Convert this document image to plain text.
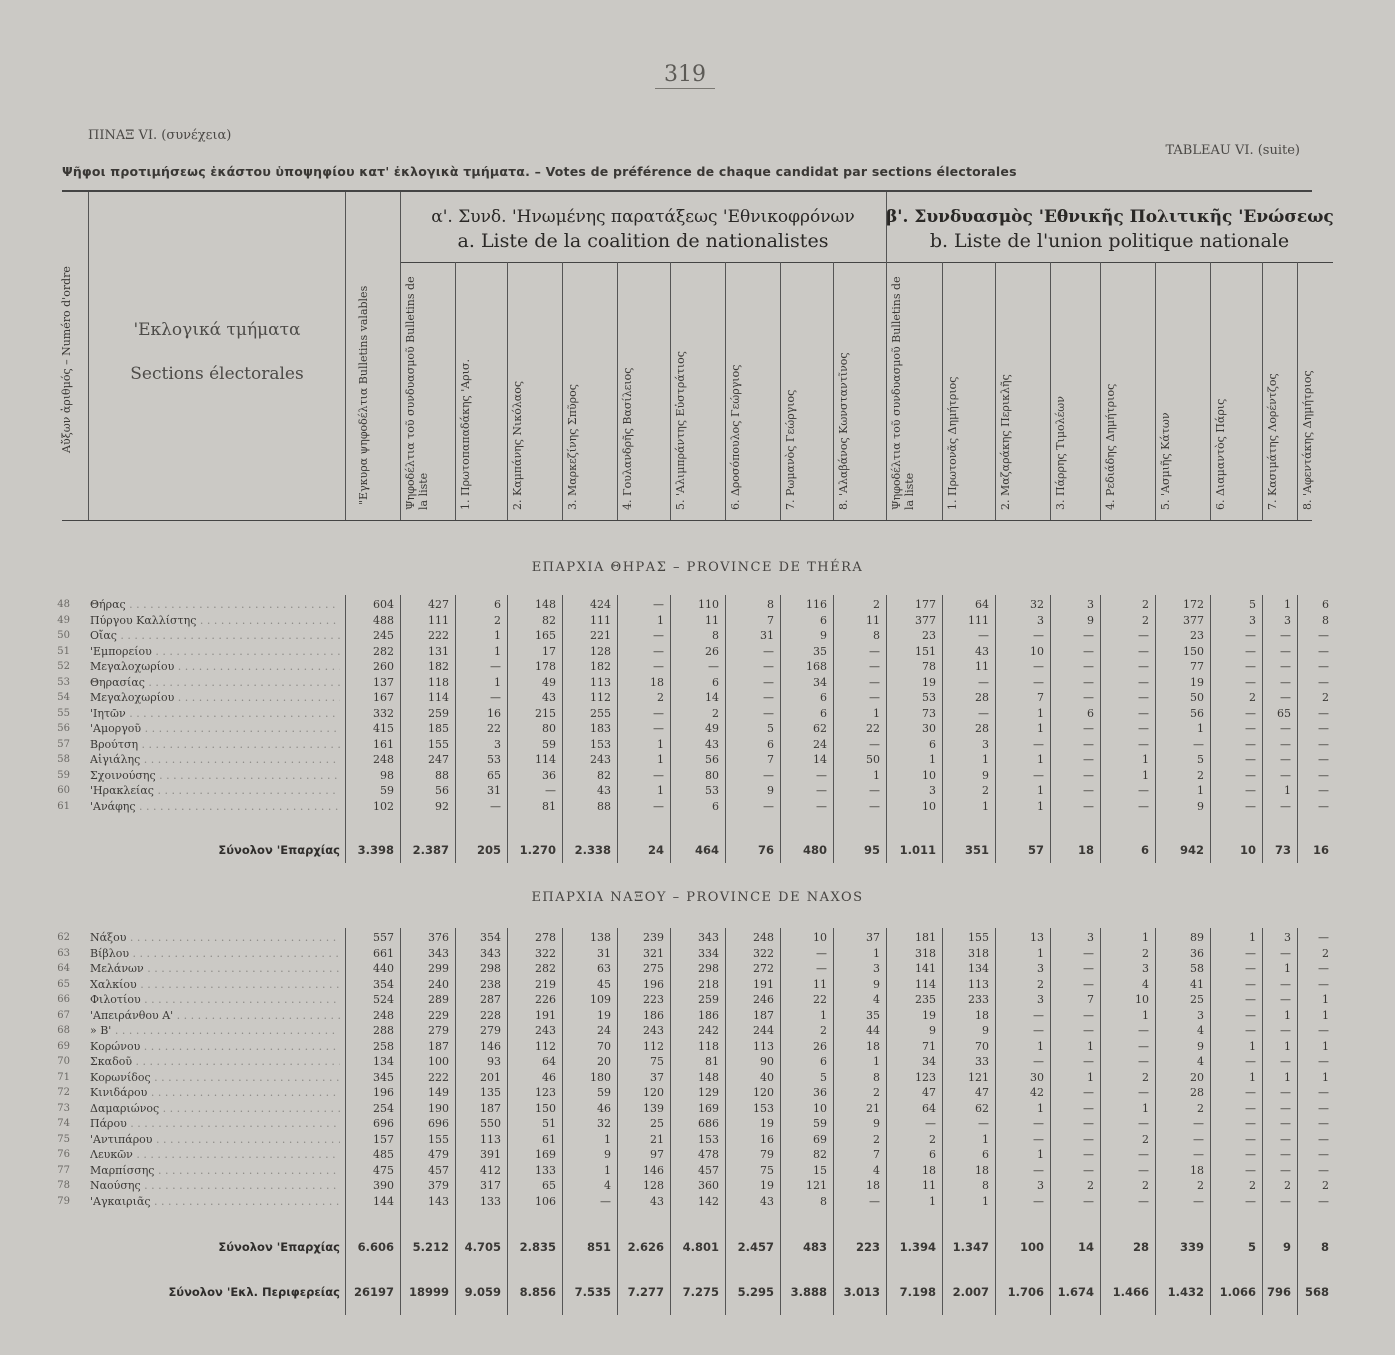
319
ΠΙΝΑΞ VI. (συνέχεια)
TABLEAU VI. (suite)
Ψῆφοι προτιμήσεως ἑκάστου ὑποψηφίου κατ' ἐκλογικὰ τμήματα. – Votes de préférence de chaque candidat par sections électorales
Αὔξων ἀριθμός – Numéro d'ordre	'Εκλογικά τμήματα
Sections électorales	"Εγκυρα ψηφοδέλτια Bulletins valables
α'. Συνδ. 'Ηνωμένης παρατάξεως 'Εθνικοφρόνων
a. Liste de la coalition de nationalistes
β'. Συνδυασμὸς 'Εθνικῆς Πολιτικῆς 'Ενώσεως
b. Liste de l'union politique nationale
Ψηφοδέλτια τοῦ συνδυασμοῦ Bulletins de la liste	1. Πρωτοπαπαδάκης 'Αρισ.	2. Καμπάνης Νικόλαος	3. Μαρκεζίνης Σπῦρος	4. Γουλανδρῆς Βασίλειος	5. 'Αλιμπράντης Εὐστράτιος	6. Δροσόπουλος Γεώργιος	7. Ρωμανὸς Γεώργιος	8. 'Αλαβάνος Κωνσταντῖνος	Ψηφοδέλτια τοῦ συνδυασμοῦ Bulletins de la liste	1. Πρωτονᾶς Δημήτριος	2. Μαζαράκης Περικλῆς	3. Πάρρης Τιμολέων	4. Ρεδιάδης Δημήτριος	5. 'Ασμιῆς Κάτων	6. Διαμαντὸς Πάρις	7. Κασιμάτης Λορέντζος	8. 'Αφεντάκης Δημήτριος
ΕΠΑΡΧΙΑ ΘΗΡΑΣ – PROVINCE DE THÉRA
ΕΠΑΡΧΙΑ ΝΑΞΟΥ – PROVINCE DE NAXOS
48 Θήρας . . .	604	427	6	148	424	—	110	8	116	2	177	64	32	3	2	172	5	1	6
49 Πύργου Καλλίστης . . .	488	111	2	82	111	1	11	7	6	11	377	111	3	9	2	377	3	3	8
50 Οἴας . . .	245	222	1	165	221	—	8	31	9	8	23	—	—	—	—	23	—	—	—
51 'Εμπορείου . . .	282	131	1	17	128	—	26	—	35	—	151	43	10	—	—	150	—	—	—
52 Μεγαλοχωρίου . . .	260	182	—	178	182	—	—	—	168	—	78	11	—	—	—	77	—	—	—
53 Θηρασίας . . .	137	118	1	49	113	18	6	—	34	—	19	—	—	—	—	19	—	—	—
54 Μεγαλοχωρίου . . .	167	114	—	43	112	2	14	—	6	—	53	28	7	—	—	50	2	—	2
55 'Ιητῶν . . .	332	259	16	215	255	—	2	—	6	1	73	—	1	6	—	56	—	65	—
56 'Αμοργοῦ . . .	415	185	22	80	183	—	49	5	62	22	30	28	1	—	—	1	—	—	—
57 Βρούτση . . .	161	155	3	59	153	1	43	6	24	—	6	3	—	—	—	—	—	—	—
58 Αἰγιάλης . . .	248	247	53	114	243	1	56	7	14	50	1	1	1	—	1	5	—	—	—
59 Σχοινούσης . . .	98	88	65	36	82	—	80	—	—	1	10	9	—	—	1	2	—	—	—
60 'Ηρακλείας . . .	59	56	31	—	43	1	53	9	—	—	3	2	1	—	—	1	—	1	—
61 'Ανάφης . . .	102	92	—	81	88	—	6	—	—	—	10	1	1	—	—	9	—	—	—
Σύνολον 'Επαρχίας	3.398	2.387	205	1.270	2.338	24	464	76	480	95	1.011	351	57	18	6	942	10	73	16
62 Νάξου . . .	557	376	354	278	138	239	343	248	10	37	181	155	13	3	1	89	1	3	—
63 Βίβλου . . .	661	343	343	322	31	321	334	322	—	1	318	318	1	—	2	36	—	—	2
64 Μελάνων . . .	440	299	298	282	63	275	298	272	—	3	141	134	3	—	3	58	—	1	—
65 Χαλκίου . . .	354	240	238	219	45	196	218	191	11	9	114	113	2	—	4	41	—	—	—
66 Φιλοτίου . . .	524	289	287	226	109	223	259	246	22	4	235	233	3	7	10	25	—	—	1
67 'Απειράνθου Α' . . .	248	229	228	191	19	186	186	187	1	35	19	18	—	—	1	3	—	1	1
68 » Β' . . .	288	279	279	243	24	243	242	244	2	44	9	9	—	—	—	4	—	—	—
69 Κορώνου . . .	258	187	146	112	70	112	118	113	26	18	71	70	1	1	—	9	1	1	1
70 Σκαδοῦ . . .	134	100	93	64	20	75	81	90	6	1	34	33	—	—	—	4	—	—	—
71 Κορωνίδος . . .	345	222	201	46	180	37	148	40	5	8	123	121	30	1	2	20	1	1	1
72 Κινιδάρου . . .	196	149	135	123	59	120	129	120	36	2	47	47	42	—	—	28	—	—	—
73 Δαμαριώνος . . .	254	190	187	150	46	139	169	153	10	21	64	62	1	—	1	2	—	—	—
74 Πάρου . . .	696	696	550	51	32	25	686	19	59	9	—	—	—	—	—	—	—	—	—
75 'Αντιπάρου . . .	157	155	113	61	1	21	153	16	69	2	2	1	—	—	2	—	—	—	—
76 Λευκῶν . . .	485	479	391	169	9	97	478	79	82	7	6	6	1	—	—	—	—	—	—
77 Μαρπίσσης . . .	475	457	412	133	1	146	457	75	15	4	18	18	—	—	—	18	—	—	—
78 Ναούσης . . .	390	379	317	65	4	128	360	19	121	18	11	8	3	2	2	2	2	2	2
79 'Αγκαιριᾶς . . .	144	143	133	106	—	43	142	43	8	—	1	1	—	—	—	—	—	—	—
Σύνολον 'Επαρχίας	6.606	5.212	4.705	2.835	851	2.626	4.801	2.457	483	223	1.394	1.347	100	14	28	339	5	9	8
Σύνολον 'Εκλ. Περιφερείας	26197	18999	9.059	8.856	7.535	7.277	7.275	5.295	3.888	3.013	7.198	2.007	1.706	1.674	1.466	1.432	1.066 796	568
